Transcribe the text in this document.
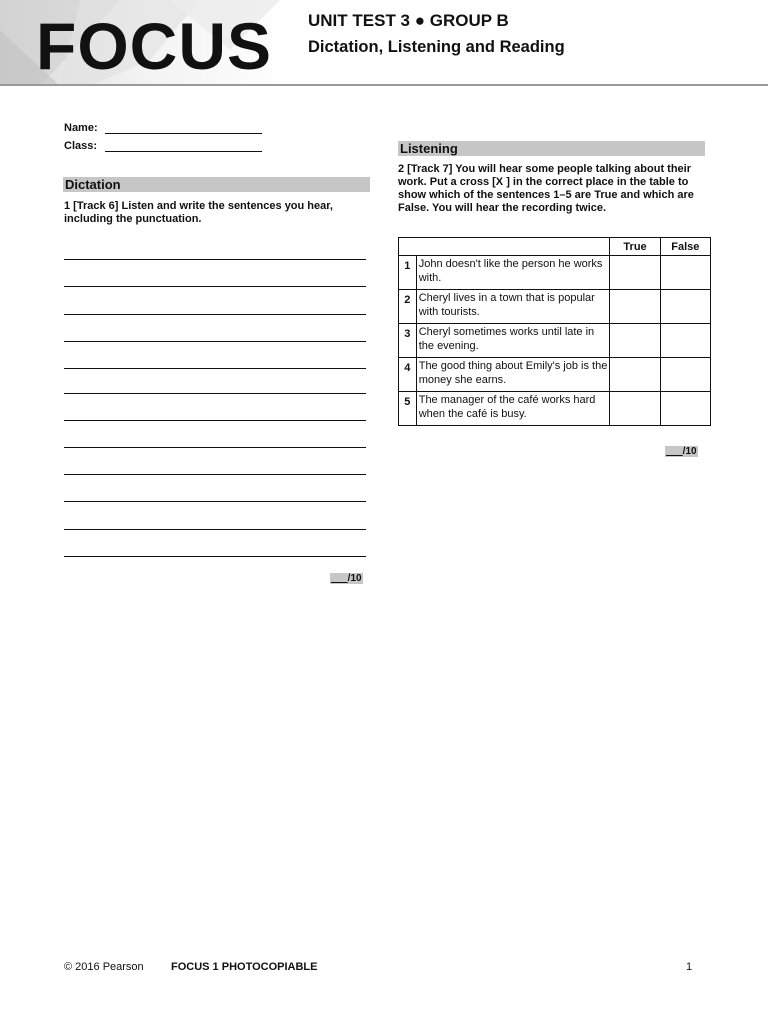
FOCUS UNIT TEST 3 ● GROUP B
Dictation, Listening and Reading
Name:
Class:
Dictation
1 [Track 6] Listen and write the sentences you hear, including the punctuation.
/10
Listening
2 [Track 7] You will hear some people talking about their work. Put a cross [X ] in the correct place in the table to show which of the sentences 1–5 are True and which are False. You will hear the recording twice.
		True	False
1	John doesn't like the person he works with.		
2	Cheryl lives in a town that is popular with tourists.		
3	Cheryl sometimes works until late in the evening.		
4	The good thing about Emily's job is the money she earns.		
5	The manager of the café works hard when the café is busy.		
/10
© 2016 Pearson FOCUS 1 PHOTOCOPIABLE	1
